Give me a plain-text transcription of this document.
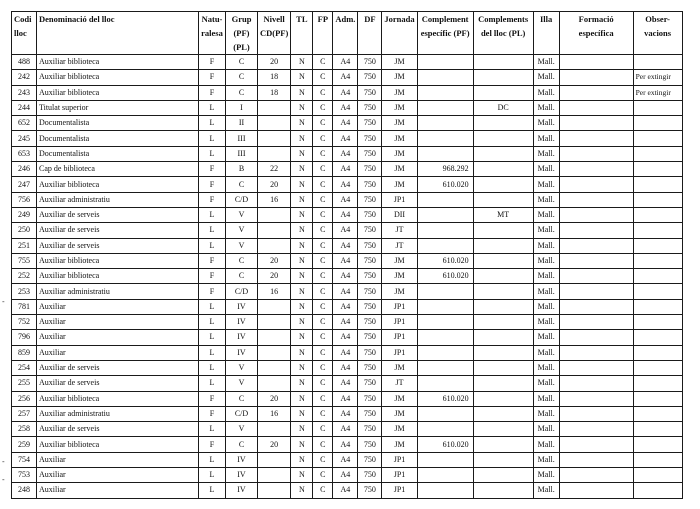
Codi lloc	Denominació del lloc	Natu-ralesa	Grup (PF)(PL)	Nivell CD(PF)	TL	FP	Adm.	DF	Jornada	Complement específic (PF)	Complements del lloc (PL)	Illa	Formació específica	Obser-vacions
488	Auxiliar biblioteca	F	C	20	N	C	A4	750	JM			Mall.		
242	Auxiliar biblioteca	F	C	18	N	C	A4	750	JM			Mall.		Per extingir
243	Auxiliar biblioteca	F	C	18	N	C	A4	750	JM			Mall.		Per extingir
244	Titulat superior	L	I		N	C	A4	750	JM		DC	Mall.		
652	Documentalista	L	II		N	C	A4	750	JM			Mall.		
245	Documentalista	L	III		N	C	A4	750	JM			Mall.		
653	Documentalista	L	III		N	C	A4	750	JM			Mall.		
246	Cap de biblioteca	F	B	22	N	C	A4	750	JM	968.292		Mall.		
247	Auxiliar biblioteca	F	C	20	N	C	A4	750	JM	610.020		Mall.		
756	Auxiliar administratiu	F	C/D	16	N	C	A4	750	JP1			Mall.		
249	Auxiliar de serveis	L	V		N	C	A4	750	DII		MT	Mall.		
250	Auxiliar de serveis	L	V		N	C	A4	750	JT			Mall.		
251	Auxiliar de serveis	L	V		N	C	A4	750	JT			Mall.		
755	Auxiliar biblioteca	F	C	20	N	C	A4	750	JM	610.020		Mall.		
252	Auxiliar biblioteca	F	C	20	N	C	A4	750	JM	610.020		Mall.		
253	Auxiliar administratiu	F	C/D	16	N	C	A4	750	JM			Mall.		
781	Auxiliar	L	IV		N	C	A4	750	JP1			Mall.		
752	Auxiliar	L	IV		N	C	A4	750	JP1			Mall.		
796	Auxiliar	L	IV		N	C	A4	750	JP1			Mall.		
859	Auxiliar	L	IV		N	C	A4	750	JP1			Mall.		
254	Auxiliar de serveis	L	V		N	C	A4	750	JM			Mall.		
255	Auxiliar de serveis	L	V		N	C	A4	750	JT			Mall.		
256	Auxiliar biblioteca	F	C	20	N	C	A4	750	JM	610.020		Mall.		
257	Auxiliar administratiu	F	C/D	16	N	C	A4	750	JM			Mall.		
258	Auxiliar de serveis	L	V		N	C	A4	750	JM			Mall.		
259	Auxiliar biblioteca	F	C	20	N	C	A4	750	JM	610.020		Mall.		
754	Auxiliar	L	IV		N	C	A4	750	JP1			Mall.		
753	Auxiliar	L	IV		N	C	A4	750	JP1			Mall.		
248	Auxiliar	L	IV		N	C	A4	750	JP1			Mall.		
-
-
-
